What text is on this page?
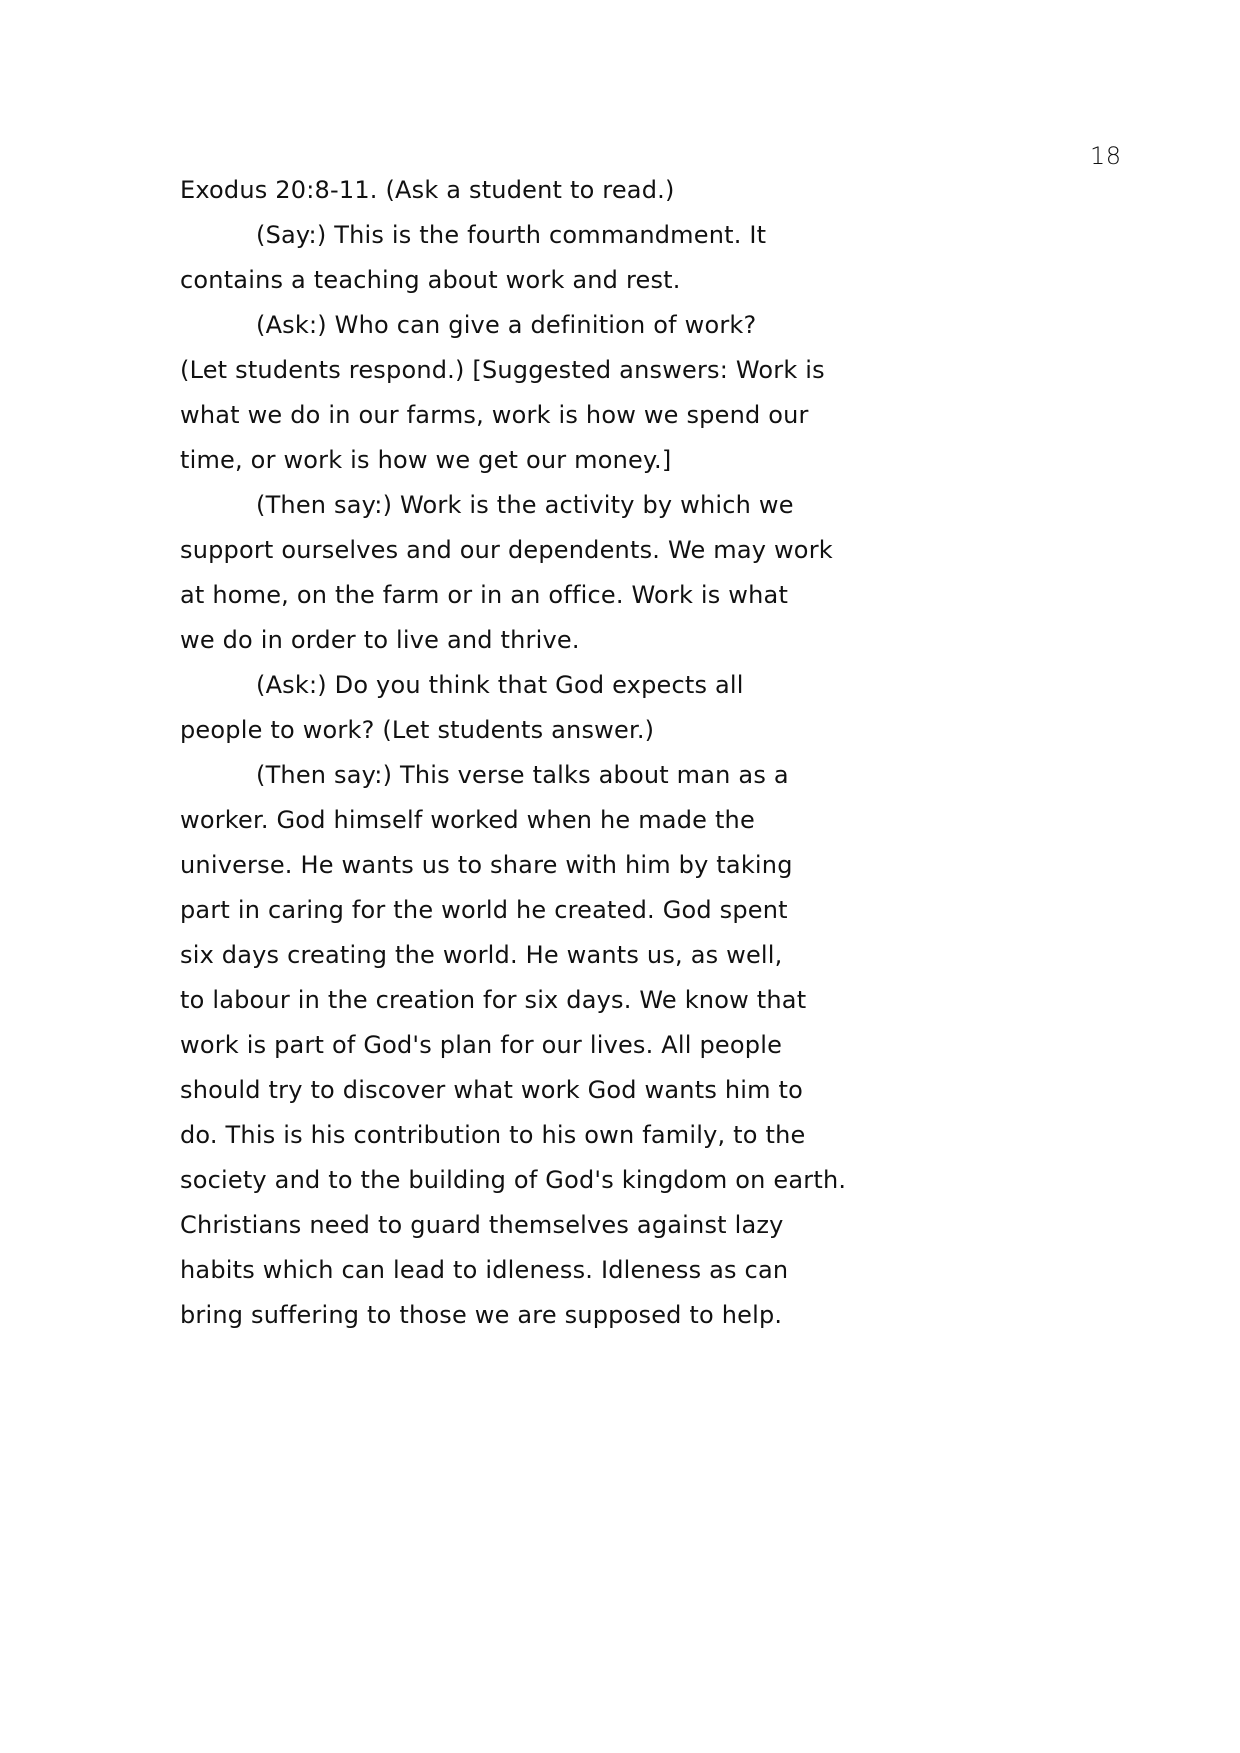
18
Exodus 20:8-11. (Ask a student to read.)
(Say:) This is the fourth commandment. It
contains a teaching about work and rest.
(Ask:) Who can give a definition of work?
(Let students respond.) [Suggested answers: Work is
what we do in our farms, work is how we spend our
time, or work is how we get our money.]
(Then say:) Work is the activity by which we
support ourselves and our dependents. We may work
at home, on the farm or in an office. Work is what
we do in order to live and thrive.
(Ask:) Do you think that God expects all
people to work? (Let students answer.)
(Then say:) This verse talks about man as a
worker. God himself worked when he made the
universe. He wants us to share with him by taking
part in caring for the world he created. God spent
six days creating the world. He wants us, as well,
to labour in the creation for six days. We know that
work is part of God's plan for our lives. All people
should try to discover what work God wants him to
do. This is his contribution to his own family, to the
society and to the building of God's kingdom on earth.
Christians need to guard themselves against lazy
habits which can lead to idleness. Idleness as can
bring suffering to those we are supposed to help.
